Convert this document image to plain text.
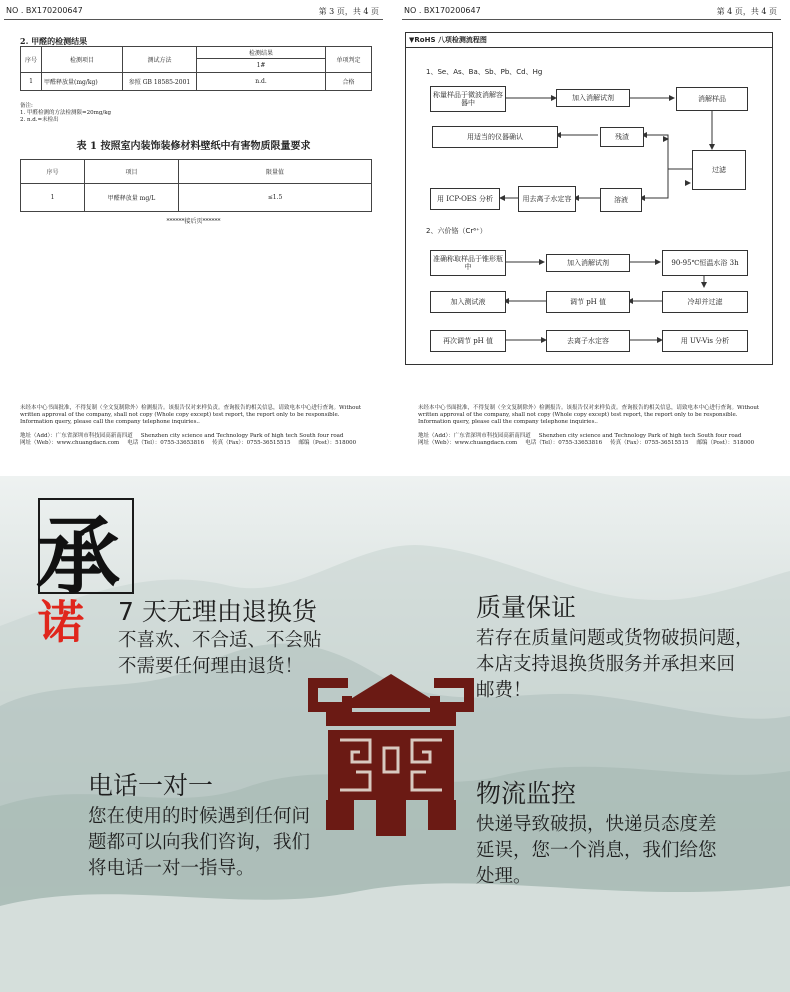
NO . BX170200647	第 3 页，共 4 页
2. 甲醛的检测结果
序号	检测项目	测试方法	检测结果	单项判定
			1#	
1	甲醛释放量(mg/kg)	参照 GB 18585-2001	n.d.	合格
备注:
1. 甲醛检测的方法检测限=20mg/kg
2. n.d.=未检出
表 1 按照室内装饰装修材料壁纸中有害物质限量要求
序号	项目	限量值
1	甲醛释放量 mg/L	≤1.5
******接后页******
未经本中心书面批准，不得复制（全文复制除外）检测报告。该报告仅对来样负责。查询报告的相关信息，请致电本中心进行查询。Without written approval of the company, shall not copy (Whole copy except) test report, the report only to be responsible. Information query, please call the company telephone inquiries..
地址（Add）：广东省深圳市科技园高新南四道 Shenzhen city science and Technology Park of high tech South four road
网址（Web）：www.chuangdacn.com 电话（Tel）：0755-33653816 传真（Fax）：0755-36515515 邮编（Post）：518000
NO . BX170200647	第 4 页，共 4 页
未经本中心书面批准，不得复制（全文复制除外）检测报告。该报告仅对来样负责。查询报告的相关信息，请致电本中心进行查询。Without written approval of the company, shall not copy (Whole copy except) test report, the report only to be responsible. Information query, please call the company telephone inquiries..
地址（Add）：广东省深圳市科技园高新南四道 Shenzhen city science and Technology Park of high tech South four road
网址（Web）：www.chuangdacn.com 电话（Tel）：0755-33653816 传真（Fax）：0755-36515515 邮编（Post）：518000
▼RoHS 八项检测流程图
1、Se、As、Ba、Sb、Pb、Cd、Hg
称量样品于微波消解容器中
加入消解试剂	消解样品
过滤
残渣
用适当的仪器确认
溶液
用去离子水定容
用 ICP-OES 分析
2、六价铬（Cr⁶⁺）
准确称取样品于锥形瓶中	加入消解试剂	90-95℃恒温水浴 3h
冷却并过滤
调节 pH 值
加入测试液
再次调节 pH 值	去离子水定容	用 UV-Vis 分析
承
诺 7 天无理由退换货
不喜欢、不合适、不会贴
不需要任何理由退货！
质量保证
若存在质量问题或货物破损问题，
本店支持退换货服务并承担来回
邮费！
电话一对一
您在使用的时候遇到任何问
题都可以向我们咨询，我们
将电话一对一指导。
物流监控
快递导致破损，快递员态度差
延误，您一个消息，我们给您
处理。
